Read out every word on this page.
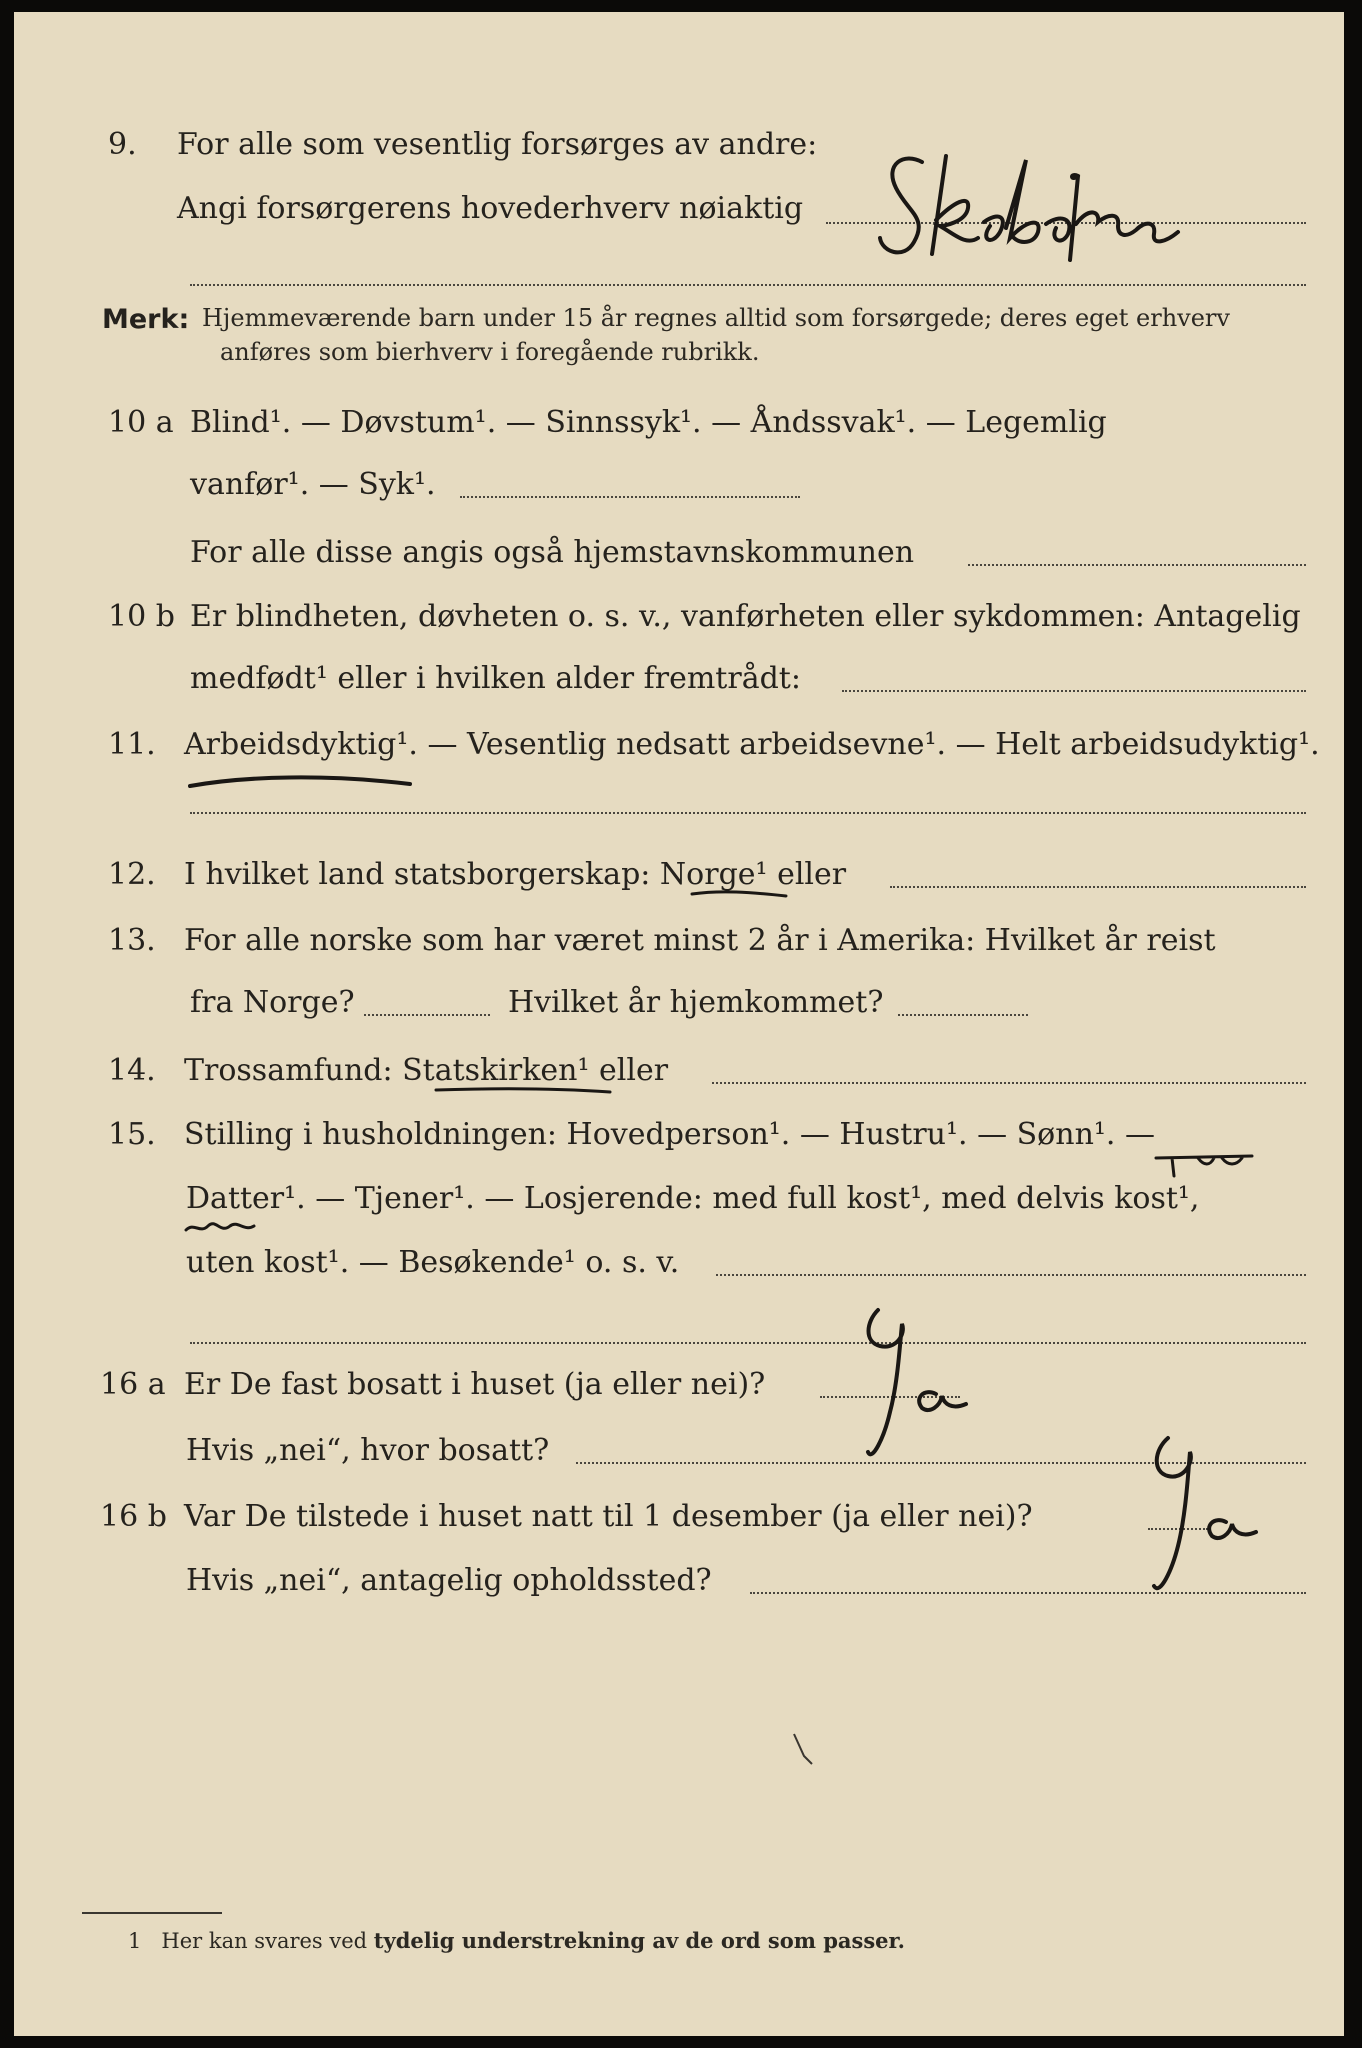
9. For alle som vesentlig forsørges av andre:
Angi forsørgerens hovederhverv nøiaktig
Merk: Hjemmeværende barn under 15 år regnes alltid som forsørgede; deres eget erhverv
anføres som bierhverv i foregående rubrikk.
10 a Blind¹. — Døvstum¹. — Sinnssyk¹. — Åndssvak¹. — Legemlig
vanfør¹. — Syk¹.
For alle disse angis også hjemstavnskommunen
10 b Er blindheten, døvheten o. s. v., vanførheten eller sykdommen: Antagelig
medfødt¹ eller i hvilken alder fremtrådt:
11. Arbeidsdyktig¹. — Vesentlig nedsatt arbeidsevne¹. — Helt arbeidsudyktig¹.
12. I hvilket land statsborgerskap: Norge¹ eller
13. For alle norske som har været minst 2 år i Amerika: Hvilket år reist
fra Norge?	Hvilket år hjemkommet?
14. Trossamfund: Statskirken¹ eller
15. Stilling i husholdningen: Hovedperson¹. — Hustru¹. — Sønn¹. —
Datter¹. — Tjener¹. — Losjerende: med full kost¹, med delvis kost¹,
uten kost¹. — Besøkende¹ o. s. v.
16 a Er De fast bosatt i huset (ja eller nei)?
Hvis „nei“, hvor bosatt?
16 b Var De tilstede i huset natt til 1 desember (ja eller nei)?
Hvis „nei“, antagelig opholdssted?
1 Her kan svares ved tydelig understrekning av de ord som passer.
